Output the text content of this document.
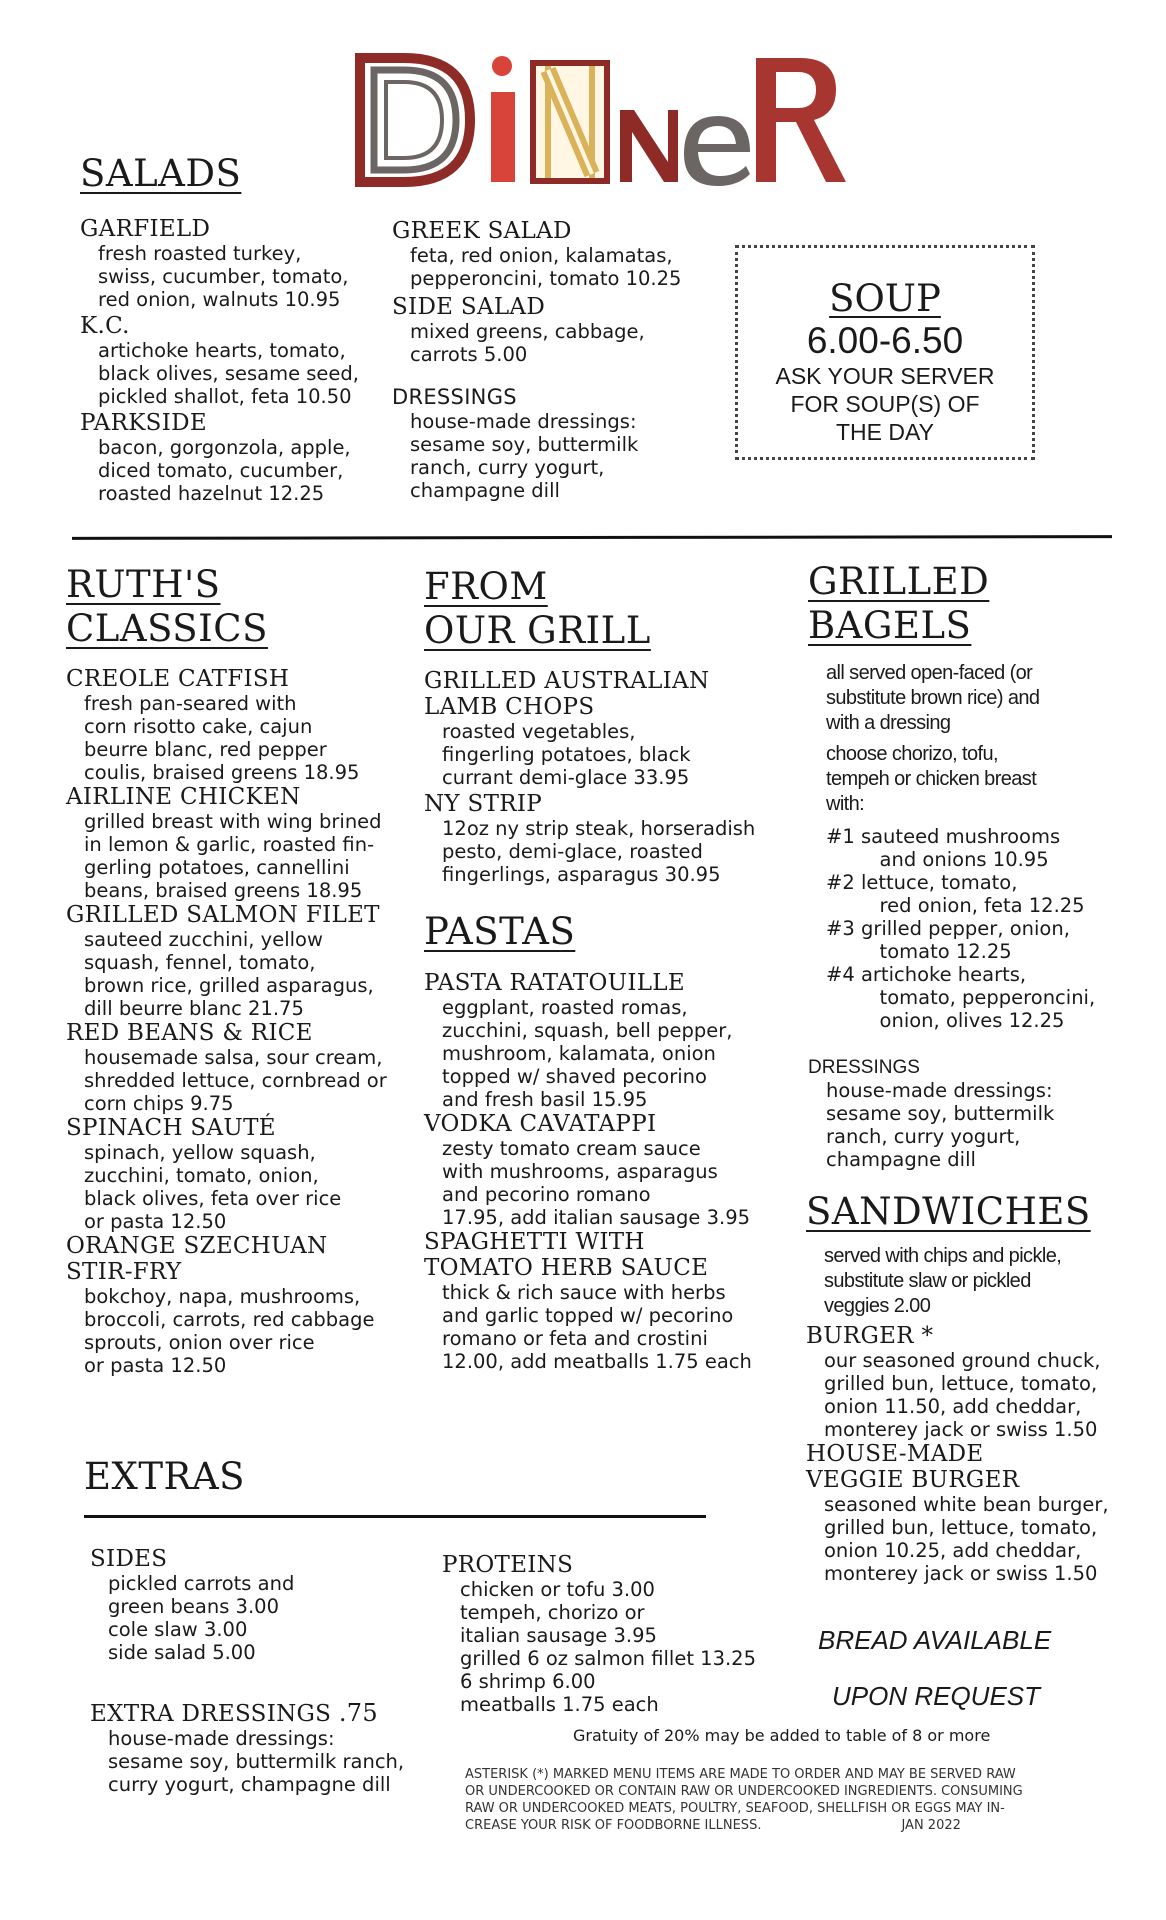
SALADS
GARFIELD
fresh roasted turkey,
swiss, cucumber, tomato,
red onion, walnuts 10.95
K.C.
artichoke hearts, tomato,
black olives, sesame seed,
pickled shallot, feta 10.50
PARKSIDE
bacon, gorgonzola, apple,
diced tomato, cucumber,
roasted hazelnut 12.25
GREEK SALAD
feta, red onion, kalamatas,
pepperoncini, tomato 10.25
SIDE SALAD
mixed greens, cabbage,
carrots 5.00
DRESSINGS
house-made dressings:
sesame soy, buttermilk
ranch, curry yogurt,
champagne dill
SOUP
6.00-6.50
ASK YOUR SERVER
FOR SOUP(S) OF
THE DAY
RUTH'S
CLASSICS
CREOLE CATFISH
fresh pan-seared with
corn risotto cake, cajun
beurre blanc, red pepper
coulis, braised greens 18.95
AIRLINE CHICKEN
grilled breast with wing brined
in lemon & garlic, roasted fin-
gerling potatoes, cannellini
beans, braised greens 18.95
GRILLED SALMON FILET
sauteed zucchini, yellow
squash, fennel, tomato,
brown rice, grilled asparagus,
dill beurre blanc 21.75
RED BEANS & RICE
housemade salsa, sour cream,
shredded lettuce, cornbread or
corn chips 9.75
SPINACH SAUTÉ
spinach, yellow squash,
zucchini, tomato, onion,
black olives, feta over rice
or pasta 12.50
ORANGE SZECHUAN
STIR-FRY
bokchoy, napa, mushrooms,
broccoli, carrots, red cabbage
sprouts, onion over rice
or pasta 12.50
FROM
OUR GRILL
GRILLED AUSTRALIAN
LAMB CHOPS
roasted vegetables,
fingerling potatoes, black
currant demi-glace 33.95
NY STRIP
12oz ny strip steak, horseradish
pesto, demi-glace, roasted
fingerlings, asparagus 30.95
PASTAS
PASTA RATATOUILLE
eggplant, roasted romas,
zucchini, squash, bell pepper,
mushroom, kalamata, onion
topped w/ shaved pecorino
and fresh basil 15.95
VODKA CAVATAPPI
zesty tomato cream sauce
with mushrooms, asparagus
and pecorino romano
17.95, add italian sausage 3.95
SPAGHETTI WITH
TOMATO HERB SAUCE
thick & rich sauce with herbs
and garlic topped w/ pecorino
romano or feta and crostini
12.00, add meatballs 1.75 each
GRILLED
BAGELS
all served open-faced (or substitute brown rice) and with a dressing
choose chorizo, tofu, tempeh or chicken breast with:
#1
sauteed mushrooms
and onions 10.95
#2
lettuce, tomato,
red onion, feta 12.25
#3
grilled pepper, onion,
tomato 12.25
#4
artichoke hearts,
tomato, pepperoncini,
onion, olives 12.25
DRESSINGS
house-made dressings:
sesame soy, buttermilk
ranch, curry yogurt,
champagne dill
SANDWICHES
served with chips and pickle, substitute slaw or pickled veggies 2.00
BURGER *
our seasoned ground chuck,
grilled bun, lettuce, tomato,
onion 11.50, add cheddar,
monterey jack or swiss 1.50
HOUSE-MADE
VEGGIE BURGER
seasoned white bean burger,
grilled bun, lettuce, tomato,
onion 10.25, add cheddar,
monterey jack or swiss 1.50
BREAD AVAILABLE
UPON REQUEST
EXTRAS
SIDES
pickled carrots and
green beans 3.00
cole slaw 3.00
side salad 5.00
EXTRA DRESSINGS .75
house-made dressings:
sesame soy, buttermilk ranch,
curry yogurt, champagne dill
PROTEINS
chicken or tofu 3.00
tempeh, chorizo or
italian sausage 3.95
grilled 6 oz salmon fillet 13.25
6 shrimp 6.00
meatballs 1.75 each
Gratuity of 20% may be added to table of 8 or more
ASTERISK (*) MARKED MENU ITEMS ARE MADE TO ORDER AND MAY BE SERVED RAW
OR UNDERCOOKED OR CONTAIN RAW OR UNDERCOOKED INGREDIENTS. CONSUMING
RAW OR UNDERCOOKED MEATS, POULTRY, SEAFOOD, SHELLFISH OR EGGS MAY IN-
CREASE YOUR RISK OF FOODBORNE ILLNESS.	JAN 2022
